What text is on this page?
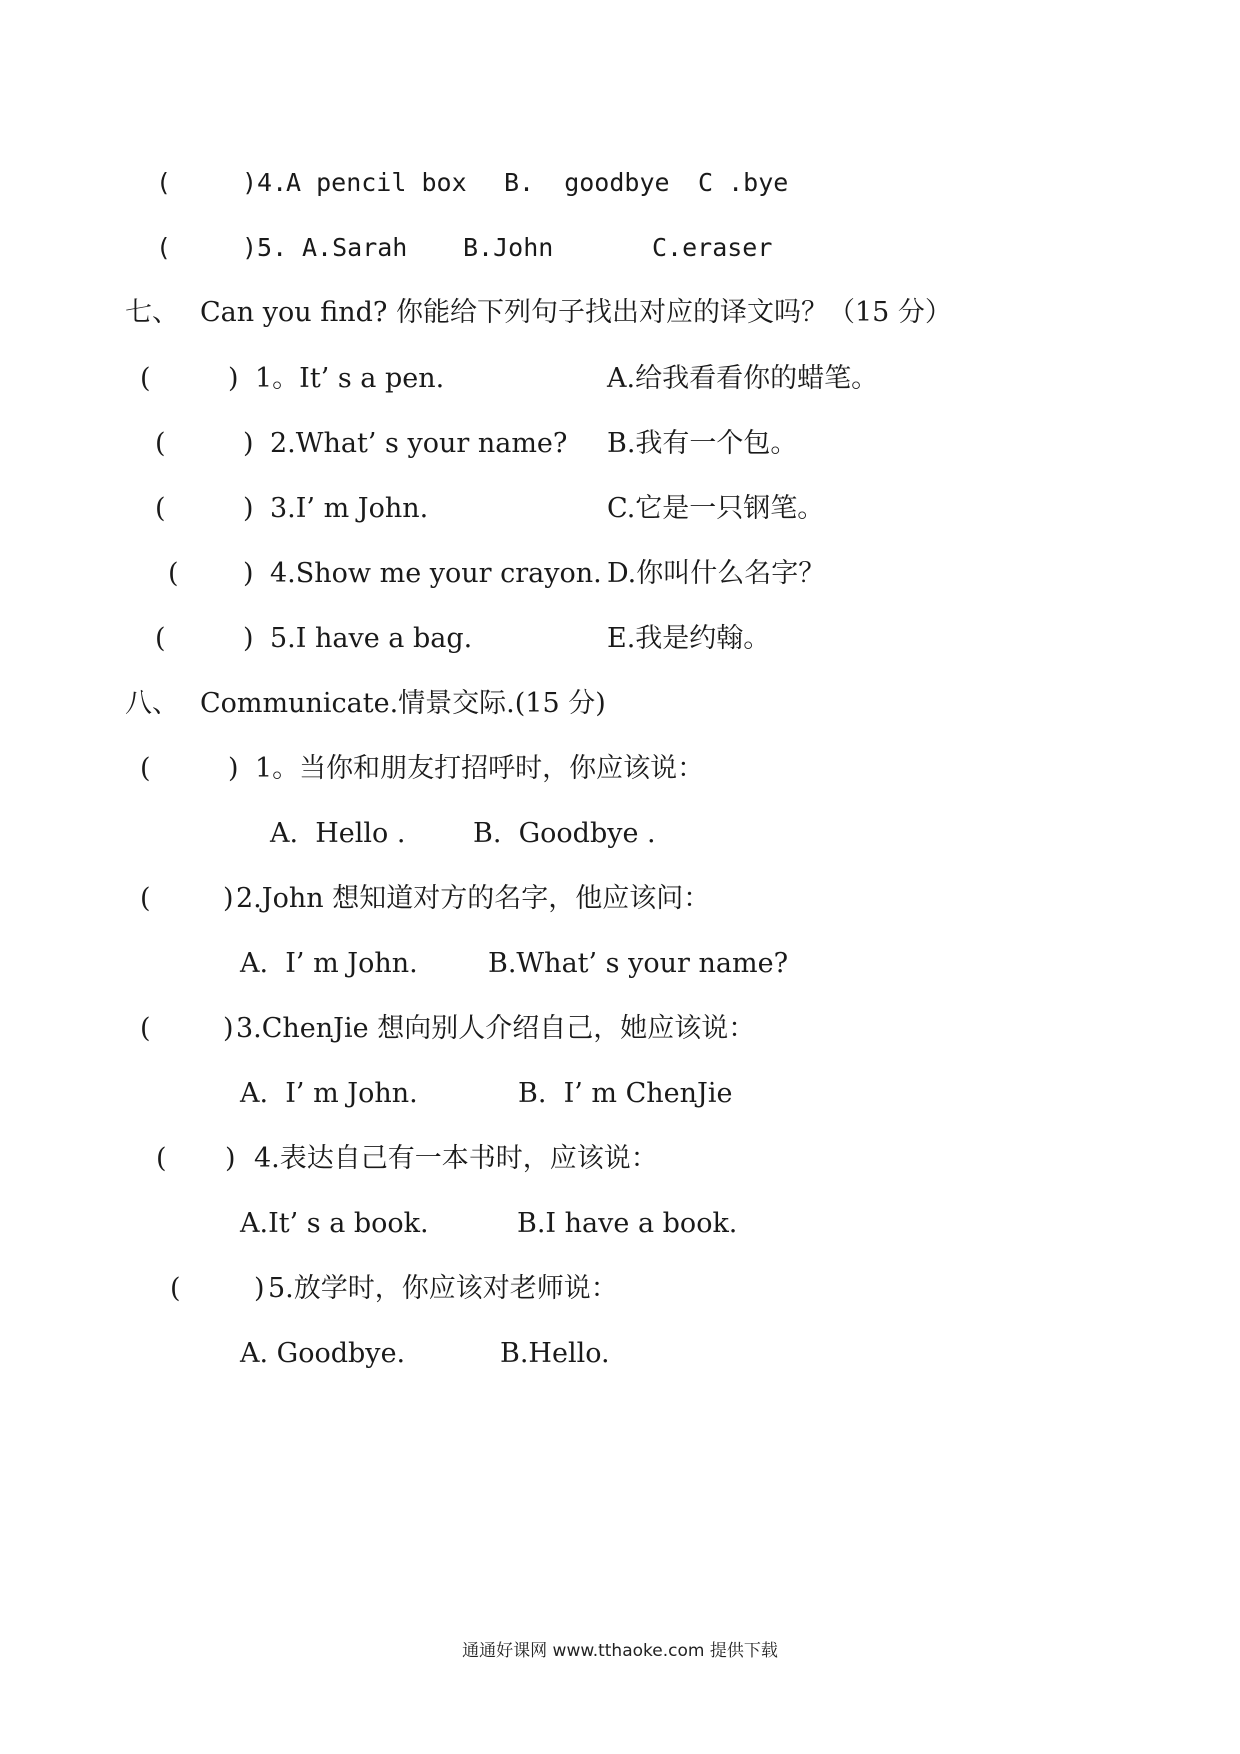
(	)4.
A pencil box B.  goodbye C .bye
(	)5. A.Sarah B.John	C.eraser
七、 Can you find? 你能给下列句子找出对应的译文吗？（15 分）
(	) 1。It’ s a pen.	A.给我看看你的蜡笔。
(	) 2.What’ s your name? B.我有一个包。
(	) 3.I’ m John.	C.它是一只钢笔。
( ) 4.Show me your crayon. D.你叫什么名字？
(	) 5.I have a bag.	E.我是约翰。
八、 Communicate.情景交际.(15 分)
(	) 1。当你和朋友打招呼时，你应该说：
A.  Hello .	B.  Goodbye .
(	) 2.John 想知道对方的名字，他应该问：
A.  I’ m John.	B.What’ s your name?
(	) 3.ChenJie 想向别人介绍自己，她应该说：
A.  I’ m John.	B.  I’ m ChenJie
( ) 4.表达自己有一本书时，应该说：
A.It’ s a book.	B.I have a book.
(	) 5.放学时，你应该对老师说：
A. Goodbye.	B.Hello.
通通好课网 www.tthaoke.com 提供下载
